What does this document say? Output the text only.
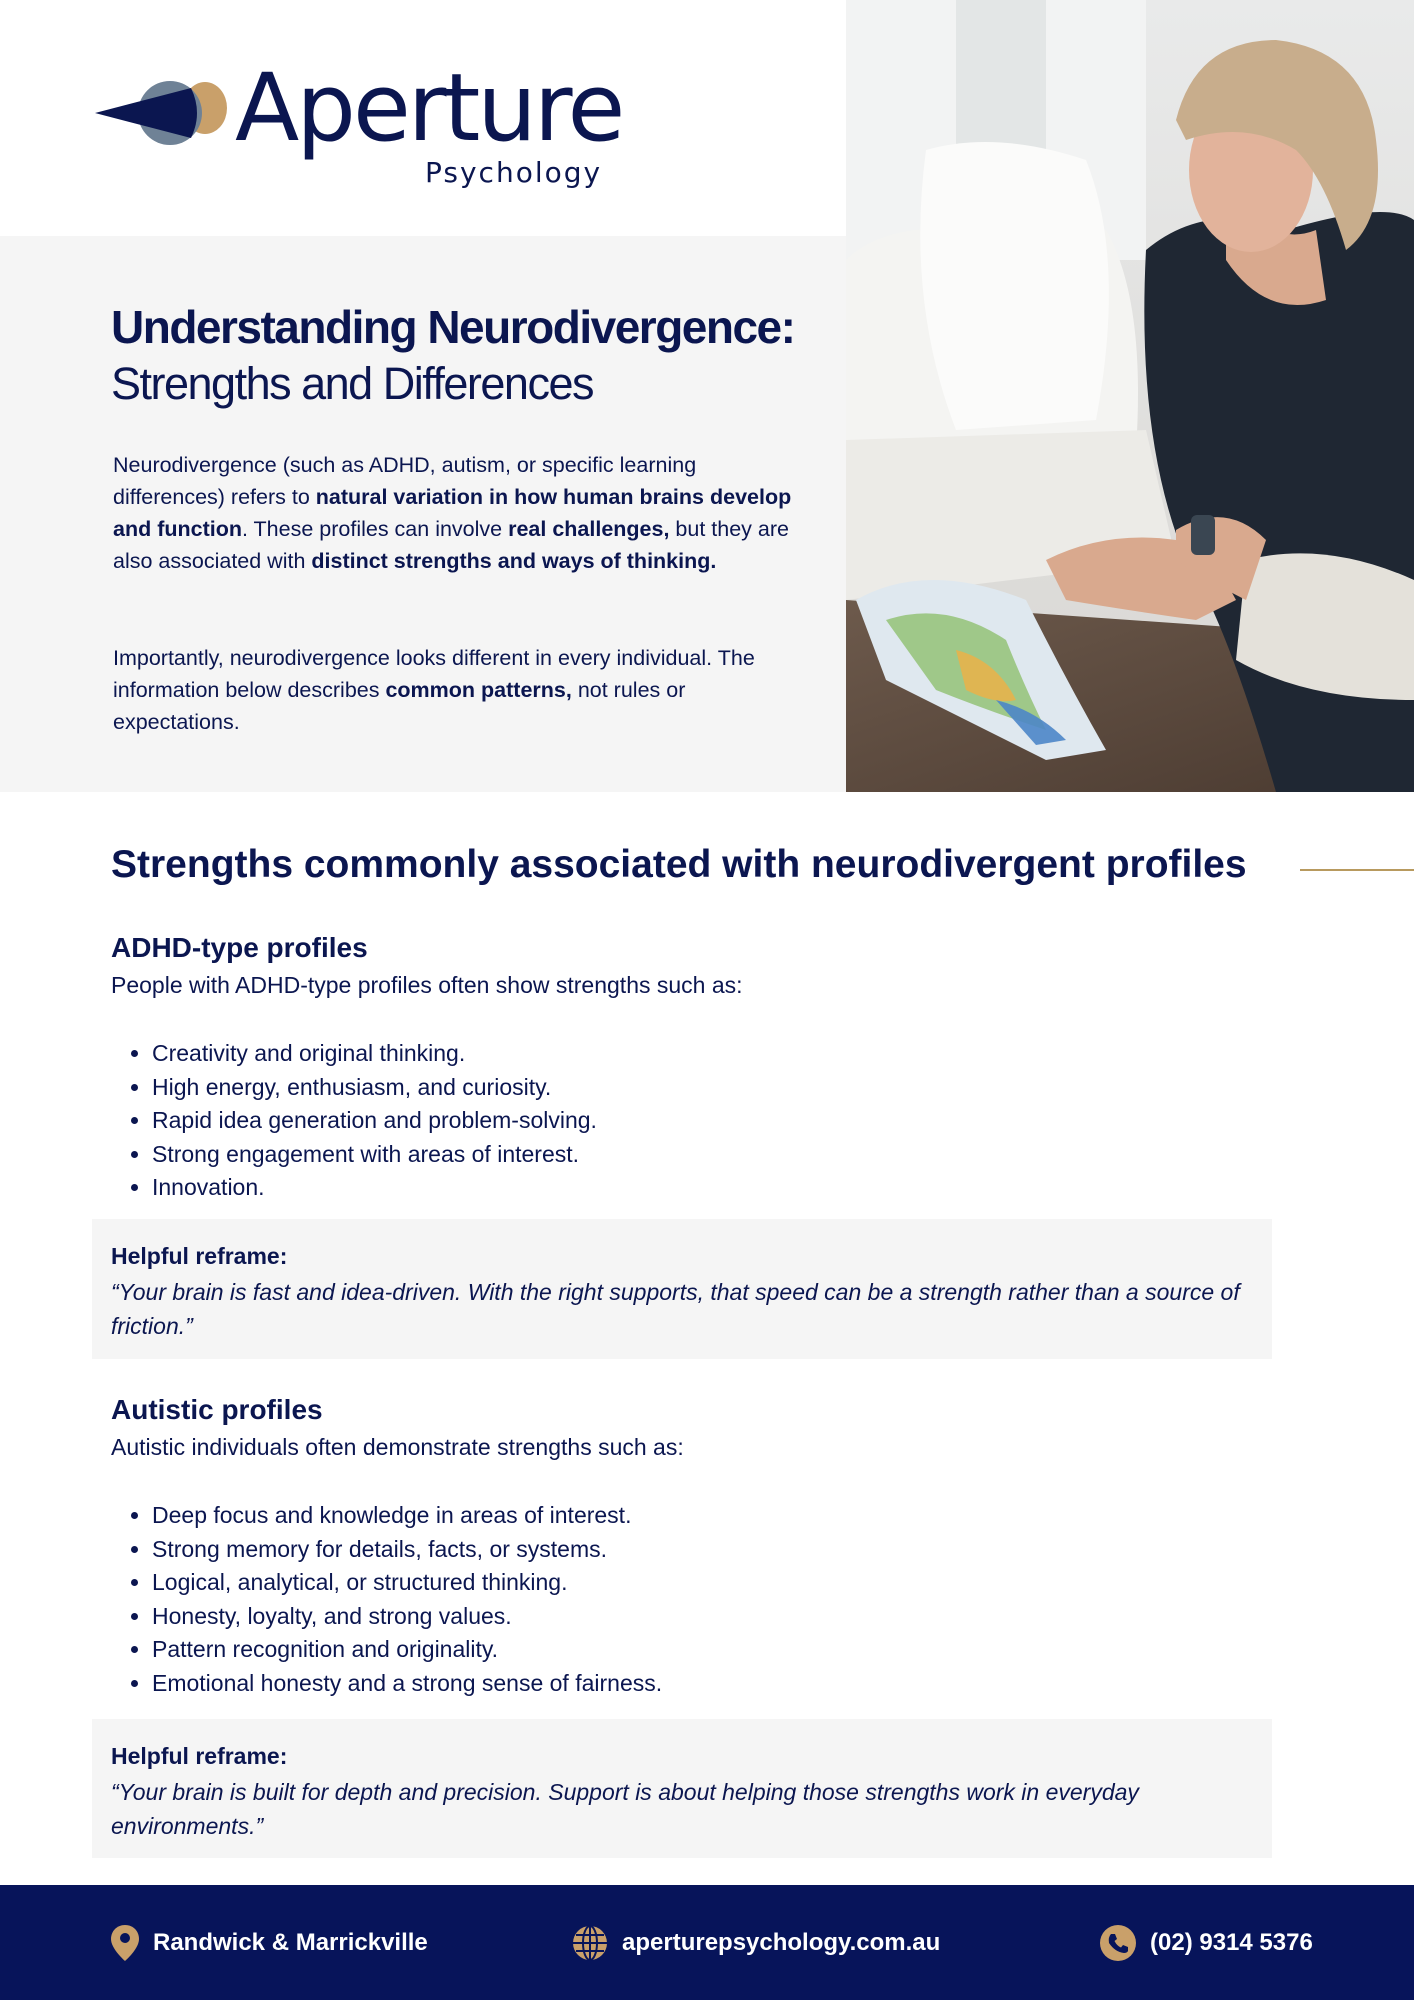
Aperture
Psychology
Understanding Neurodivergence:
Strengths and Differences
Neurodivergence (such as ADHD, autism, or specific learning differences) refers to natural variation in how human brains develop and function. These profiles can involve real challenges, but they are also associated with distinct strengths and ways of thinking.
Importantly, neurodivergence looks different in every individual. The information below describes common patterns, not rules or expectations.
Strengths commonly associated with neurodivergent profiles
ADHD-type profiles
People with ADHD-type profiles often show strengths such as:
• Creativity and original thinking.
• High energy, enthusiasm, and curiosity.
• Rapid idea generation and problem-solving.
• Strong engagement with areas of interest.
• Innovation.
Helpful reframe:
“Your brain is fast and idea-driven. With the right supports, that speed can be a strength rather than a source of friction.”
Autistic profiles
Autistic individuals often demonstrate strengths such as:
• Deep focus and knowledge in areas of interest.
• Strong memory for details, facts, or systems.
• Logical, analytical, or structured thinking.
• Honesty, loyalty, and strong values.
• Pattern recognition and originality.
• Emotional honesty and a strong sense of fairness.
Helpful reframe:
“Your brain is built for depth and precision. Support is about helping those strengths work in everyday environments.”
Randwick & Marrickville	aperturepsychology.com.au	(02) 9314 5376
